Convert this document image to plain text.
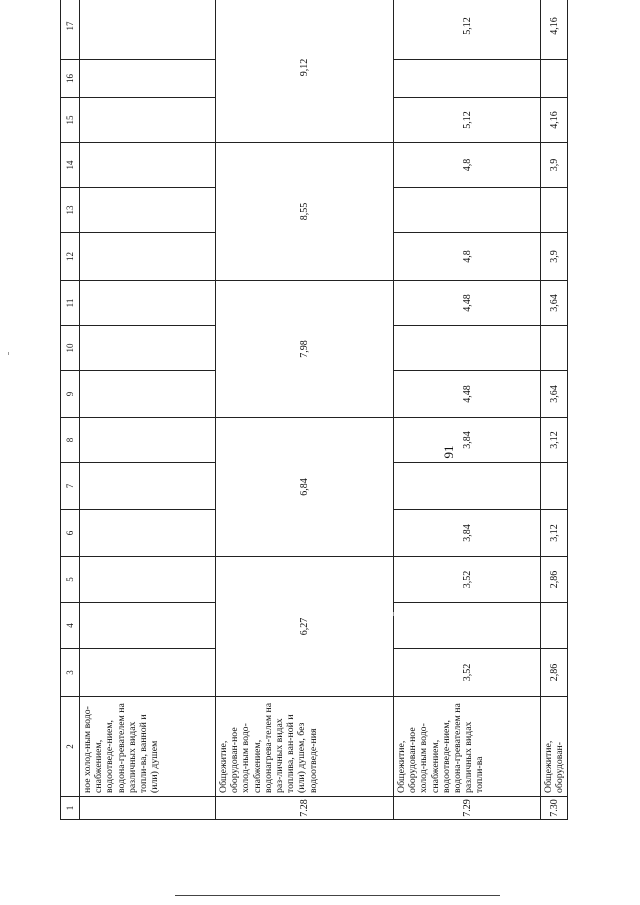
91
1	2	3	4	5	6	7	8	9	10	11	12	13	14	15	16	17
	ное холод-ным водо-снабжением, водоотведе-нием, водона-гревателем на различных видах топли-ва, ванной и (или) душем															
7.28	Общежитие, оборудован-ное холод-ным водо-снабжением, водонагрева-телем на раз-личных видах топлива, ван-ной и (или) душем, без водоотведе-ния	6,27			6,84			7,98			8,55			9,12		
7.29	Общежитие, оборудован-ное холод-ным водо-снабжением, водоотведе-нием, водона-гревателем на различных видах топли-ва	3,52		3,52	3,84		3,84	4,48		4,48	4,8		4,8	5,12		5,12
7.30	Общежитие, оборудован-	2,86		2,86	3,12		3,12	3,64		3,64	3,9		3,9	4,16		4,16
